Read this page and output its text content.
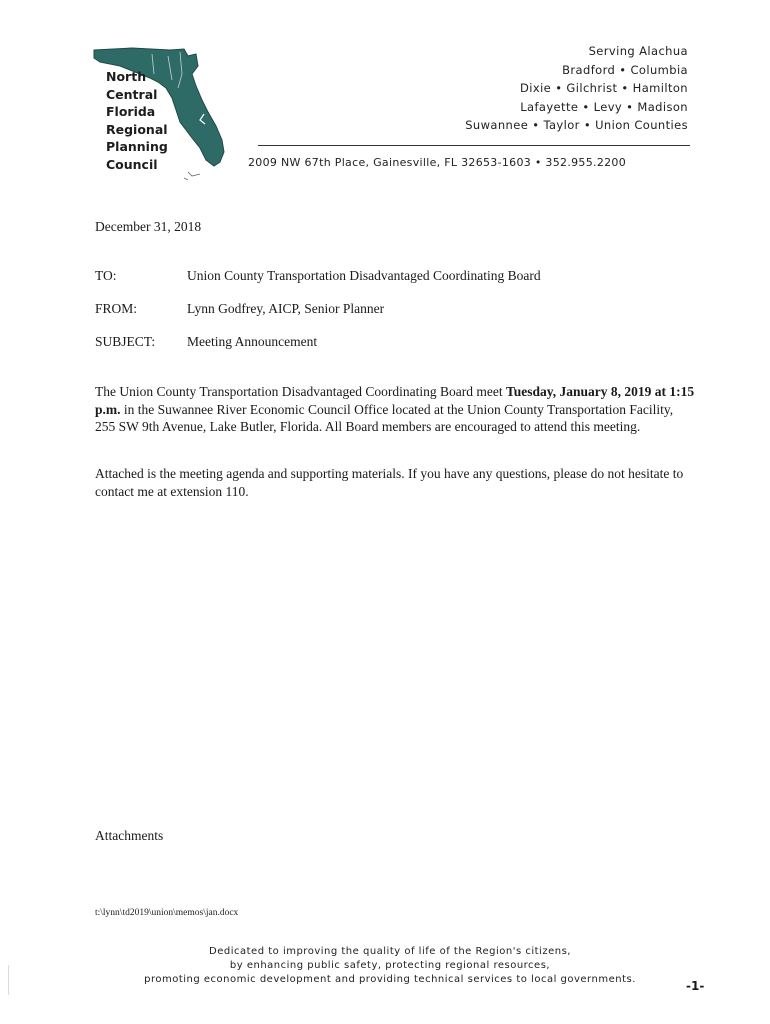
North
Central
Florida
Regional
Planning
Council
Serving Alachua
Bradford • Columbia
Dixie • Gilchrist • Hamilton
Lafayette • Levy • Madison
Suwannee • Taylor • Union Counties
2009 NW 67th Place, Gainesville, FL 32653-1603 • 352.955.2200
December 31, 2018
TO:	Union County Transportation Disadvantaged Coordinating Board
FROM:	Lynn Godfrey, AICP, Senior Planner
SUBJECT: Meeting Announcement
The Union County Transportation Disadvantaged Coordinating Board meet Tuesday, January 8, 2019 at 1:15 p.m. in the Suwannee River Economic Council Office located at the Union County Transportation Facility, 255 SW 9th Avenue, Lake Butler, Florida. All Board members are encouraged to attend this meeting.
Attached is the meeting agenda and supporting materials. If you have any questions, please do not hesitate to contact me at extension 110.
Attachments
t:\lynn\td2019\union\memos\jan.docx
Dedicated to improving the quality of life of the Region's citizens,
by enhancing public safety, protecting regional resources,
promoting economic development and providing technical services to local governments.	-1-
